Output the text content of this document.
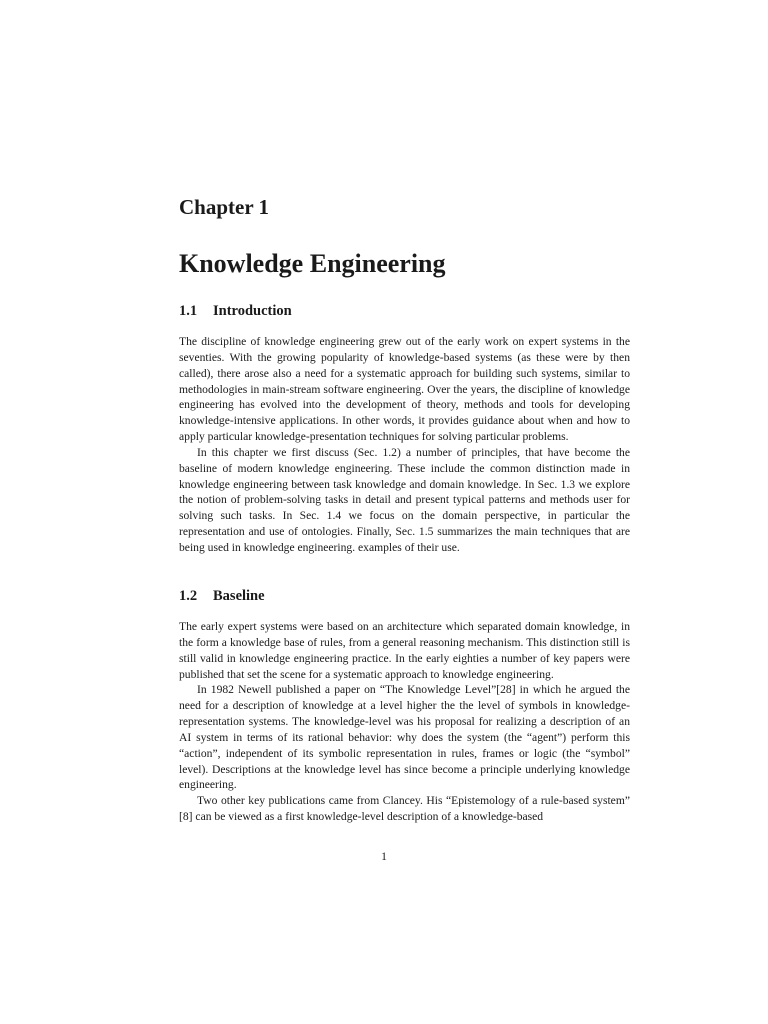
Chapter 1
Knowledge Engineering
1.1 Introduction

The discipline of knowledge engineering grew out of the early work on expert systems in the seventies. With the growing popularity of knowledge-based systems (as these were by then called), there arose also a need for a systematic approach for building such systems, similar to methodologies in main-stream software engineering. Over the years, the discipline of knowledge engineering has evolved into the development of theory, methods and tools for developing knowledge-intensive applications. In other words, it provides guidance about when and how to apply particular knowledge-presentation techniques for solving particular problems.

In this chapter we first discuss (Sec. 1.2) a number of principles, that have become the baseline of modern knowledge engineering. These include the common distinction made in knowledge engineering between task knowledge and domain knowledge. In Sec. 1.3 we explore the notion of problem-solving tasks in detail and present typical patterns and methods user for solving such tasks. In Sec. 1.4 we focus on the domain perspective, in particular the representation and use of ontologies. Finally, Sec. 1.5 summarizes the main techniques that are being used in knowledge engineering. examples of their use.

1.2 Baseline

The early expert systems were based on an architecture which separated domain knowledge, in the form a knowledge base of rules, from a general reasoning mechanism. This distinction still is still valid in knowledge engineering practice. In the early eighties a number of key papers were published that set the scene for a systematic approach to knowledge engineering.

In 1982 Newell published a paper on “The Knowledge Level”[28] in which he argued the need for a description of knowledge at a level higher the the level of symbols in knowledge-representation systems. The knowledge-level was his proposal for realizing a description of an AI system in terms of its rational behavior: why does the system (the “agent”) perform this “action”, independent of its symbolic representation in rules, frames or logic (the “symbol” level). Descriptions at the knowledge level has since become a principle underlying knowledge engineering.

Two other key publications came from Clancey. His “Epistemology of a rule-based system” [8] can be viewed as a first knowledge-level description of a knowledge-based

1
